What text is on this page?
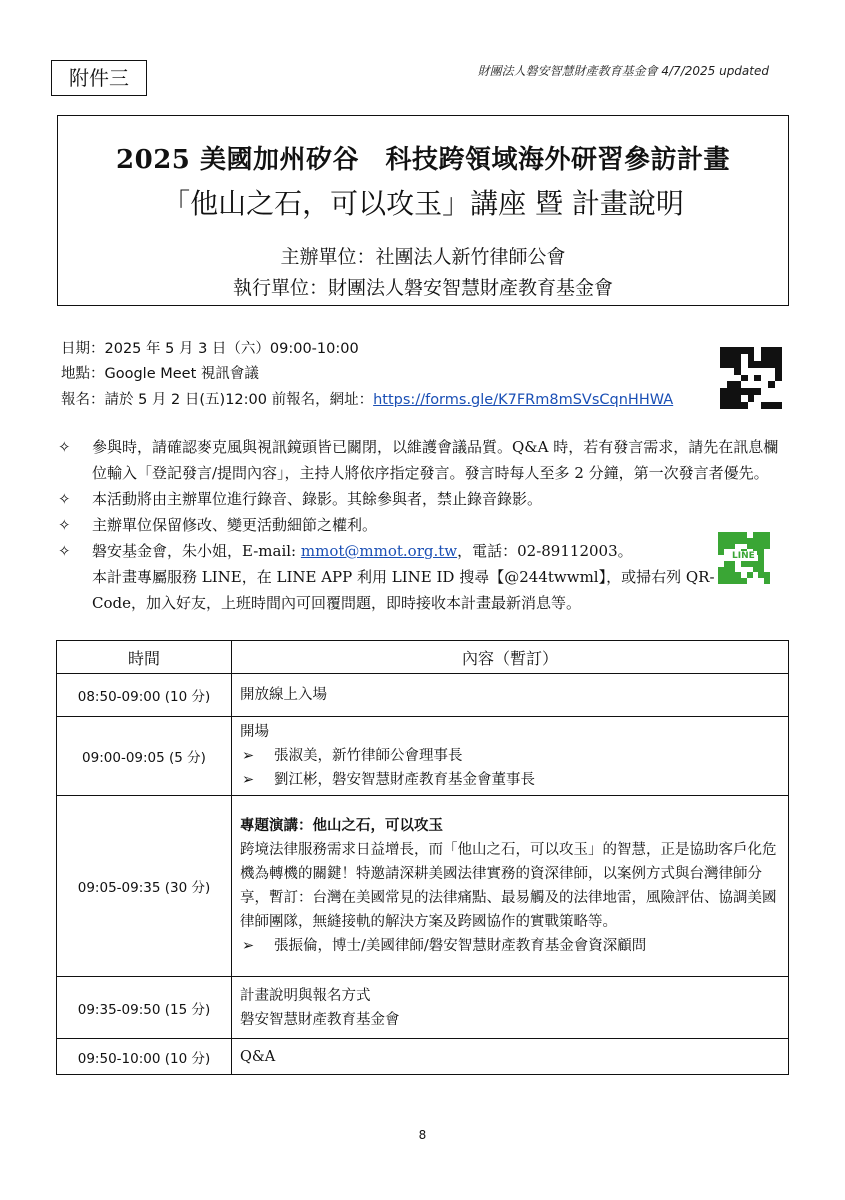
附件三	財團法人磐安智慧財產教育基金會 4/7/2025 updated
2025 美國加州矽谷　科技跨領域海外研習參訪計畫
「他山之石，可以攻玉」講座 暨 計畫說明
主辦單位：社團法人新竹律師公會
執行單位：財團法人磐安智慧財產教育基金會
日期：2025 年 5 月 3 日（六）09:00-10:00
地點：Google Meet 視訊會議
報名：請於 5 月 2 日(五)12:00 前報名，網址：https://forms.gle/K7FRm8mSVsCqnHHWA
LINE
✧ 參與時，請確認麥克風與視訊鏡頭皆已關閉，以維護會議品質。Q&A 時，若有發言需求，請先在訊息欄位輸入「登記發言/提問內容」，主持人將依序指定發言。發言時每人至多 2 分鐘，第一次發言者優先。
✧ 本活動將由主辦單位進行錄音、錄影。其餘參與者，禁止錄音錄影。
✧ 主辦單位保留修改、變更活動細節之權利。
✧ 磐安基金會，朱小姐，E-mail: mmot@mmot.org.tw，電話：02-89112003。
本計畫專屬服務 LINE，在 LINE APP 利用 LINE ID 搜尋【@244twwml】，或掃右列 QR-Code，加入好友，上班時間內可回覆問題，即時接收本計畫最新消息等。
時間	內容（暫訂）
08:50-09:00 (10 分)	開放線上入場
09:00-09:05 (5 分)	開場
➢ 張淑美，新竹律師公會理事長
➢ 劉江彬，磐安智慧財產教育基金會董事長

09:05-09:35 (30 分)	專題演講：他山之石，可以攻玉
跨境法律服務需求日益增長，而「他山之石，可以攻玉」的智慧，正是協助客戶化危機為轉機的關鍵！特邀請深耕美國法律實務的資深律師，以案例方式與台灣律師分享，暫訂：台灣在美國常見的法律痛點、最易觸及的法律地雷，風險評估、協調美國律師團隊，無縫接軌的解決方案及跨國協作的實戰策略等。
➢ 張振倫，博士/美國律師/磐安智慧財產教育基金會資深顧問

09:35-09:50 (15 分)	計畫說明與報名方式
磐安智慧財產教育基金會

09:50-10:00 (10 分)	Q&A
8
